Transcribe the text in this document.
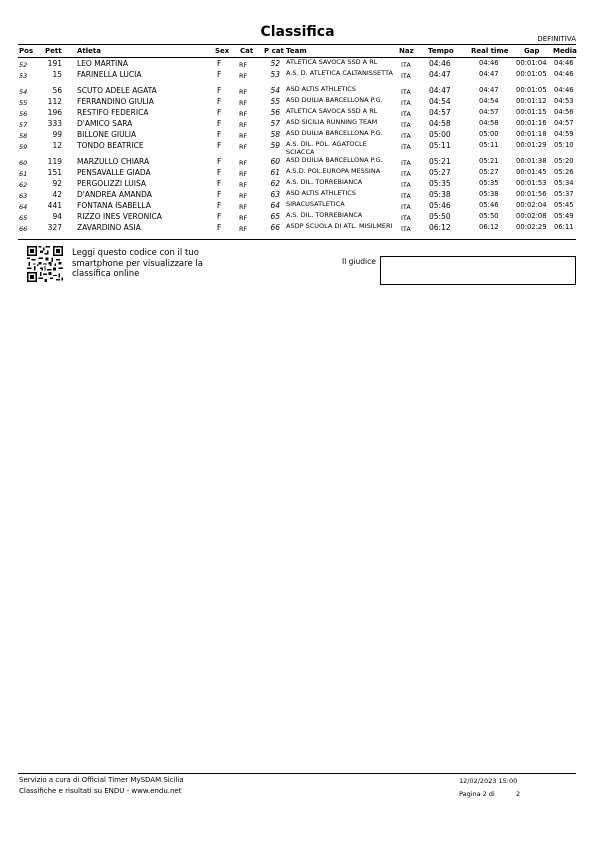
Classifica	DEFINITIVA
Pos Pett Atleta	Sex Cat P cat Team	Naz Tempo Real time Gap Media
52	191 LEO MARTINA	F	RF	52 ATLETICA SAVOCA SSD A RL	ITA 04:46	04:46	00:01:04 04:46
53	15 FARINELLA LUCIA	F	RF	53 A.S. D. ATLETICA CALTANISSETTA ITA 04:47	04:47	00:01:05 04:46
54	56 SCUTO ADELE AGATA	F	RF	54 ASD ALTIS ATHLETICS	ITA 04:47	04:47	00:01:05 04:46
55	112 FERRANDINO GIULIA	F	RF	55 ASD DUILIA BARCELLONA P.G.	ITA 04:54	04:54	00:01:12 04:53
56	196 RESTIFO FEDERICA	F	RF	56 ATLETICA SAVOCA SSD A RL	ITA 04:57	04:57	00:01:15 04:56
57	333 D'AMICO SARA	F	RF	57 ASD SICILIA RUNNING TEAM	ITA 04:58	04:58	00:01:16 04:57
58	99 BILLONE GIULIA	F	RF	58 ASD DUILIA BARCELLONA P.G.	ITA 05:00	05:00	00:01:18 04:59
59	12 TONDO BEATRICE	F	RF	59 A.S. DIL. POL. AGATOCLE SCIACCA
ITA 05:11	05:11	00:01:29 05:10
60	119 MARZULLO CHIARA	F	RF	60 ASD DUILIA BARCELLONA P.G.	ITA 05:21	05:21	00:01:38 05:20
61	151 PENSAVALLE GIADA	F	RF	61 A.S.D. POL.EUROPA MESSINA	ITA 05:27	05:27	00:01:45 05:26
62	92 PERGOLIZZI LUISA	F	RF	62 A.S. DIL. TORREBIANCA	ITA 05:35	05:35	00:01:53 05:34
63	42 D'ANDREA AMANDA	F	RF	63 ASD ALTIS ATHLETICS	ITA 05:38	05:38	00:01:56 05:37
64	441 FONTANA ISABELLA	F	RF	64 SIRACUSATLETICA	ITA 05:46	05:46	00:02:04 05:45
65	94 RIZZO INES VERONICA	F	RF	65 A.S. DIL. TORREBIANCA	ITA 05:50	05:50	00:02:08 05:49
66	327 ZAVARDINO ASIA	F	RF	66 ASDP SCUOLA DI ATL. MISILMERI ITA 06:12	06:12	00:02:29 06:11
Leggi questo codice con il tuo smartphone per visualizzare la classifica online
Il giudice
Servizio a cura di Official Timer MySDAM Sicilia
Classifiche e risultati su ENDU - www.endu.net
12/02/2023 15:00
Pagina 2 di	2
